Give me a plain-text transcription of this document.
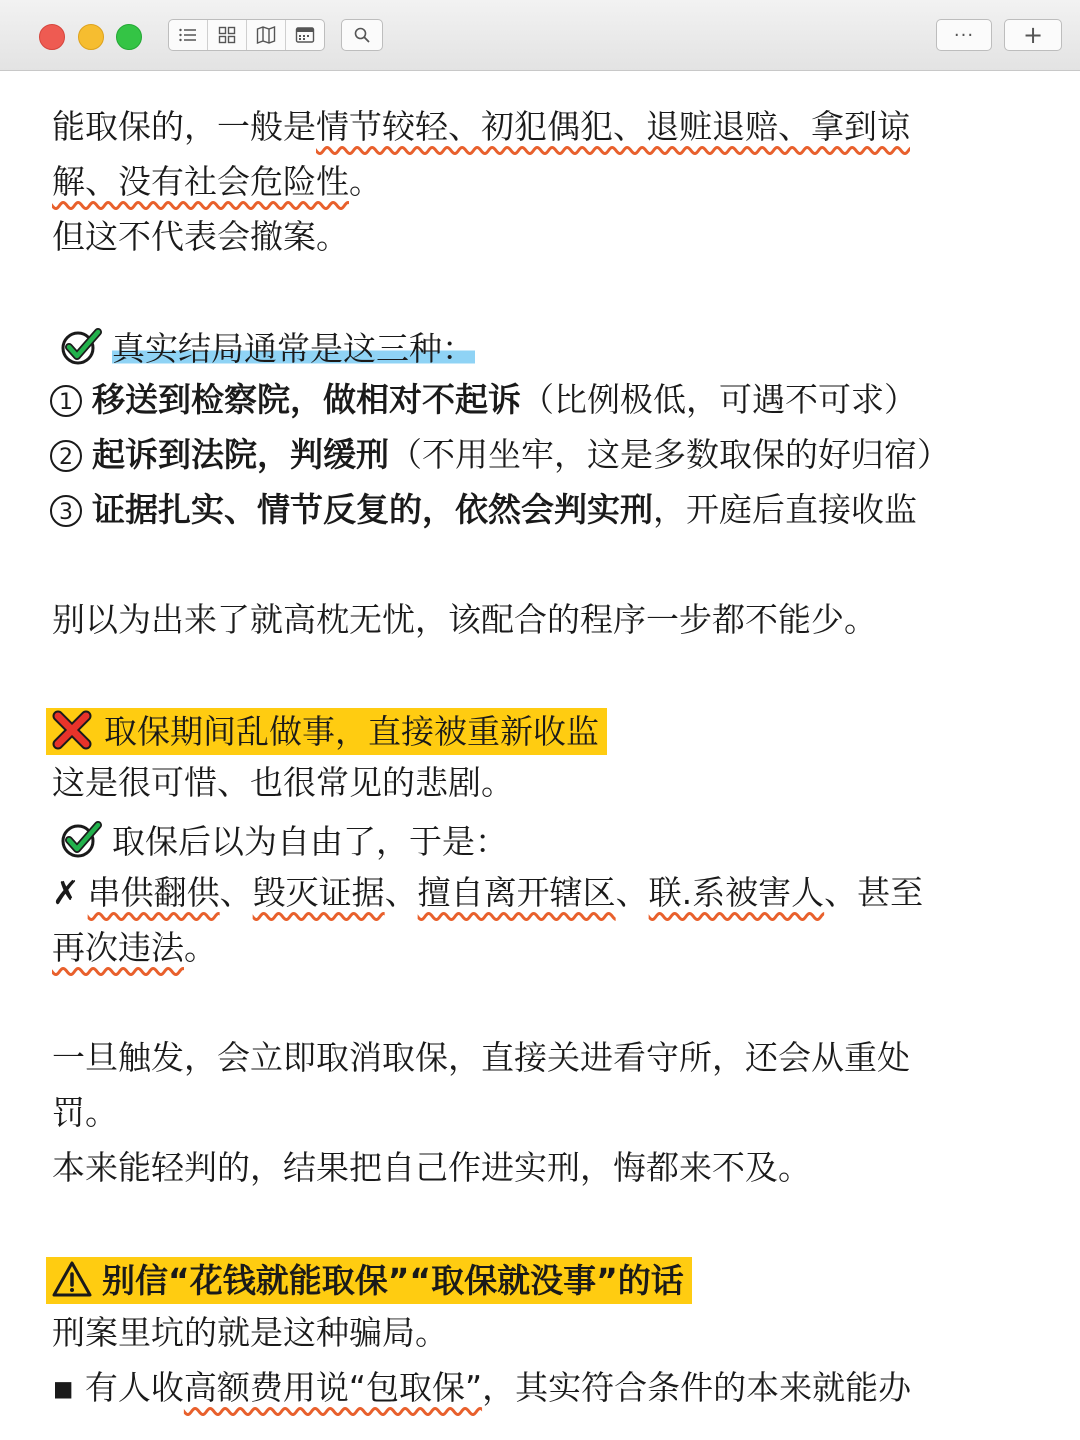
··· +
能取保的，一般是情节较轻、初犯偶犯、退赃退赔、拿到谅
解、没有社会危险性。
但这不代表会撤案。
真实结局通常是这三种：
1 移送到检察院，做相对不起诉（比例极低，可遇不可求）
2 起诉到法院，判缓刑（不用坐牢，这是多数取保的好归宿）
3 证据扎实、情节反复的，依然会判实刑，开庭后直接收监
别以为出来了就高枕无忧，该配合的程序一步都不能少。
取保期间乱做事，直接被重新收监
这是很可惜、也很常见的悲剧。
取保后以为自由了，于是：
✗ 串供翻供、毁灭证据、擅自离开辖区、联.系被害人、甚至
再次违法。
一旦触发，会立即取消取保，直接关进看守所，还会从重处
罚。
本来能轻判的，结果把自己作进实刑，悔都来不及。
别信“花钱就能取保”“取保就没事”的话
刑案里坑的就是这种骗局。
▪ 有人收高额费用说“包取保”，其实符合条件的本来就能办
